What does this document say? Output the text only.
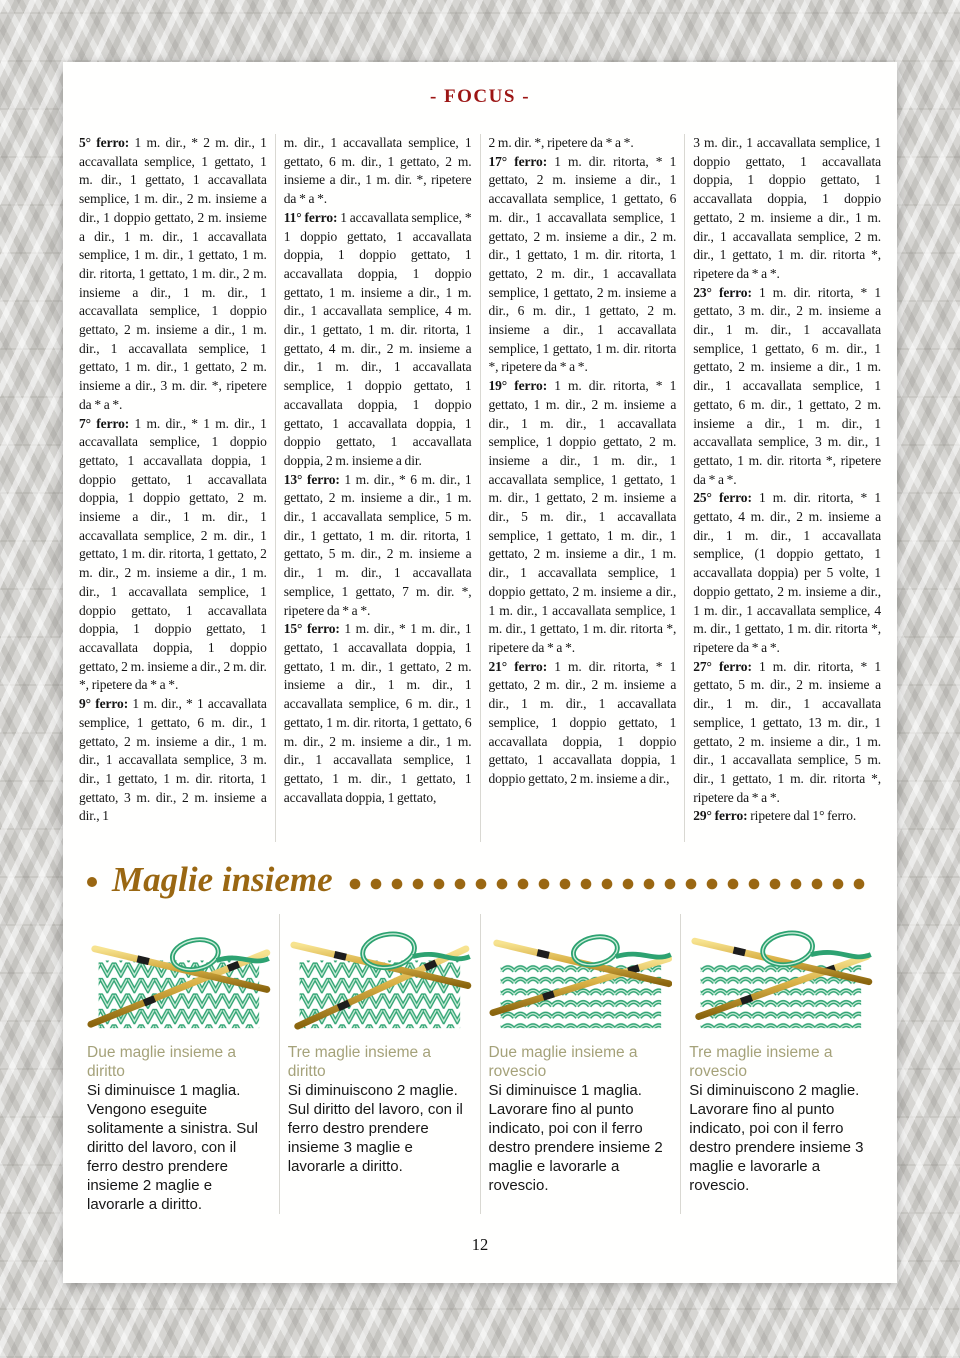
- FOCUS -

5° ferro: 1 m. dir., * 2 m. dir., 1 accavallata semplice, 1 gettato, 1 m. dir., 1 gettato, 1 accavallata semplice, 1 m. dir., 2 m. insieme a dir., 1 doppio gettato, 2 m. insieme a dir., 1 m. dir., 1 accavallata semplice, 1 m. dir., 1 gettato, 1 m. dir. ritorta, 1 gettato, 1 m. dir., 2 m. insieme a dir., 1 m. dir., 1 accavallata semplice, 1 doppio gettato, 2 m. insieme a dir., 1 m. dir., 1 accavallata semplice, 1 gettato, 1 m. dir., 1 gettato, 2 m. insieme a dir., 3 m. dir. *, ripetere da * a *.

7° ferro: 1 m. dir., * 1 m. dir., 1 accavallata semplice, 1 doppio gettato, 1 accavallata doppia, 1 doppio gettato, 1 accavallata doppia, 1 doppio gettato, 2 m. insieme a dir., 1 m. dir., 1 accavallata semplice, 2 m. dir., 1 gettato, 1 m. dir. ritorta, 1 gettato, 2 m. dir., 2 m. insieme a dir., 1 m. dir., 1 accavallata semplice, 1 doppio gettato, 1 accavallata doppia, 1 doppio gettato, 1 accavallata doppia, 1 doppio gettato, 2 m. insieme a dir., 2 m. dir. *, ripetere da * a *.

9° ferro: 1 m. dir., * 1 accavallata semplice, 1 gettato, 6 m. dir., 1 gettato, 2 m. insieme a dir., 1 m. dir., 1 accavallata semplice, 3 m. dir., 1 gettato, 1 m. dir. ritorta, 1 gettato, 3 m. dir., 2 m. insieme a dir., 1

m. dir., 1 accavallata semplice, 1 gettato, 6 m. dir., 1 gettato, 2 m. insieme a dir., 1 m. dir. *, ripetere da * a *.

11° ferro: 1 accavallata semplice, * 1 doppio gettato, 1 accavallata doppia, 1 doppio gettato, 1 accavallata doppia, 1 doppio gettato, 1 m. insieme a dir., 1 m. dir., 1 accavallata semplice, 4 m. dir., 1 gettato, 1 m. dir. ritorta, 1 gettato, 4 m. dir., 2 m. insieme a dir., 1 m. dir., 1 accavallata semplice, 1 doppio gettato, 1 accavallata doppia, 1 doppio gettato, 1 accavallata doppia, 1 doppio gettato, 1 accavallata doppia, 2 m. insieme a dir.

13° ferro: 1 m. dir., * 6 m. dir., 1 gettato, 2 m. insieme a dir., 1 m. dir., 1 accavallata semplice, 5 m. dir., 1 gettato, 1 m. dir. ritorta, 1 gettato, 5 m. dir., 2 m. insieme a dir., 1 m. dir., 1 accavallata semplice, 1 gettato, 7 m. dir. *, ripetere da * a *.

15° ferro: 1 m. dir., * 1 m. dir., 1 gettato, 1 accavallata doppia, 1 gettato, 1 m. dir., 1 gettato, 2 m. insieme a dir., 1 m. dir., 1 accavallata semplice, 6 m. dir., 1 gettato, 1 m. dir. ritorta, 1 gettato, 6 m. dir., 2 m. insieme a dir., 1 m. dir., 1 accavallata semplice, 1 gettato, 1 m. dir., 1 gettato, 1 accavallata doppia, 1 gettato,

2 m. dir. *, ripetere da * a *.

17° ferro: 1 m. dir. ritorta, * 1 gettato, 2 m. insieme a dir., 1 accavallata semplice, 1 gettato, 6 m. dir., 1 accavallata semplice, 1 gettato, 2 m. insieme a dir., 2 m. dir., 1 gettato, 1 m. dir. ritorta, 1 gettato, 2 m. dir., 1 accavallata semplice, 1 gettato, 2 m. insieme a dir., 6 m. dir., 1 gettato, 2 m. insieme a dir., 1 accavallata semplice, 1 gettato, 1 m. dir. ritorta *, ripetere da * a *.

19° ferro: 1 m. dir. ritorta, * 1 gettato, 1 m. dir., 2 m. insieme a dir., 1 m. dir., 1 accavallata semplice, 1 doppio gettato, 2 m. insieme a dir., 1 m. dir., 1 accavallata semplice, 1 gettato, 1 m. dir., 1 gettato, 2 m. insieme a dir., 5 m. dir., 1 accavallata semplice, 1 gettato, 1 m. dir., 1 gettato, 2 m. insieme a dir., 1 m. dir., 1 accavallata semplice, 1 doppio gettato, 2 m. insieme a dir., 1 m. dir., 1 accavallata semplice, 1 m. dir., 1 gettato, 1 m. dir. ritorta *, ripetere da * a *.

21° ferro: 1 m. dir. ritorta, * 1 gettato, 2 m. dir., 2 m. insieme a dir., 1 m. dir., 1 accavallata semplice, 1 doppio gettato, 1 accavallata doppia, 1 doppio gettato, 1 accavallata doppia, 1 doppio gettato, 2 m. insieme a dir.,

3 m. dir., 1 accavallata semplice, 1 doppio gettato, 1 accavallata doppia, 1 doppio gettato, 1 accavallata doppia, 1 doppio gettato, 2 m. insieme a dir., 1 m. dir., 1 accavallata semplice, 2 m. dir., 1 gettato, 1 m. dir. ritorta *, ripetere da * a *.

23° ferro: 1 m. dir. ritorta, * 1 gettato, 3 m. dir., 2 m. insieme a dir., 1 m. dir., 1 accavallata semplice, 1 gettato, 6 m. dir., 1 gettato, 2 m. insieme a dir., 1 m. dir., 1 accavallata semplice, 1 gettato, 6 m. dir., 1 gettato, 2 m. insieme a dir., 1 m. dir., 1 accavallata semplice, 3 m. dir., 1 gettato, 1 m. dir. ritorta *, ripetere da * a *.

25° ferro: 1 m. dir. ritorta, * 1 gettato, 4 m. dir., 2 m. insieme a dir., 1 m. dir., 1 accavallata semplice, (1 doppio gettato, 1 accavallata doppia) per 5 volte, 1 doppio gettato, 2 m. insieme a dir., 1 m. dir., 1 accavallata semplice, 4 m. dir., 1 gettato, 1 m. dir. ritorta *, ripetere da * a *.

27° ferro: 1 m. dir. ritorta, * 1 gettato, 5 m. dir., 2 m. insieme a dir., 1 m. dir., 1 accavallata semplice, 1 gettato, 13 m. dir., 1 gettato, 2 m. insieme a dir., 1 m. dir., 1 accavallata semplice, 5 m. dir., 1 gettato, 1 m. dir. ritorta *, ripetere da * a *.

29° ferro: ripetere dal 1° ferro.

Maglie insieme
Due maglie insieme a diritto
Si diminuisce 1 maglia. Vengono eseguite solitamente a sinistra. Sul diritto del lavoro, con il ferro destro prendere insieme 2 maglie e lavorarle a diritto.
Tre maglie insieme a diritto
Si diminuiscono 2 maglie. Sul diritto del lavoro, con il ferro destro prendere insieme 3 maglie e lavorarle a diritto.
Due maglie insieme a rovescio
Si diminuisce 1 maglia. Lavorare fino al punto indicato, poi con il ferro destro prendere insieme 2 maglie e lavorarle a rovescio.
Tre maglie insieme a rovescio
Si diminuiscono 2 maglie. Lavorare fino al punto indicato, poi con il ferro destro prendere insieme 3 maglie e lavorarle a rovescio.
12
